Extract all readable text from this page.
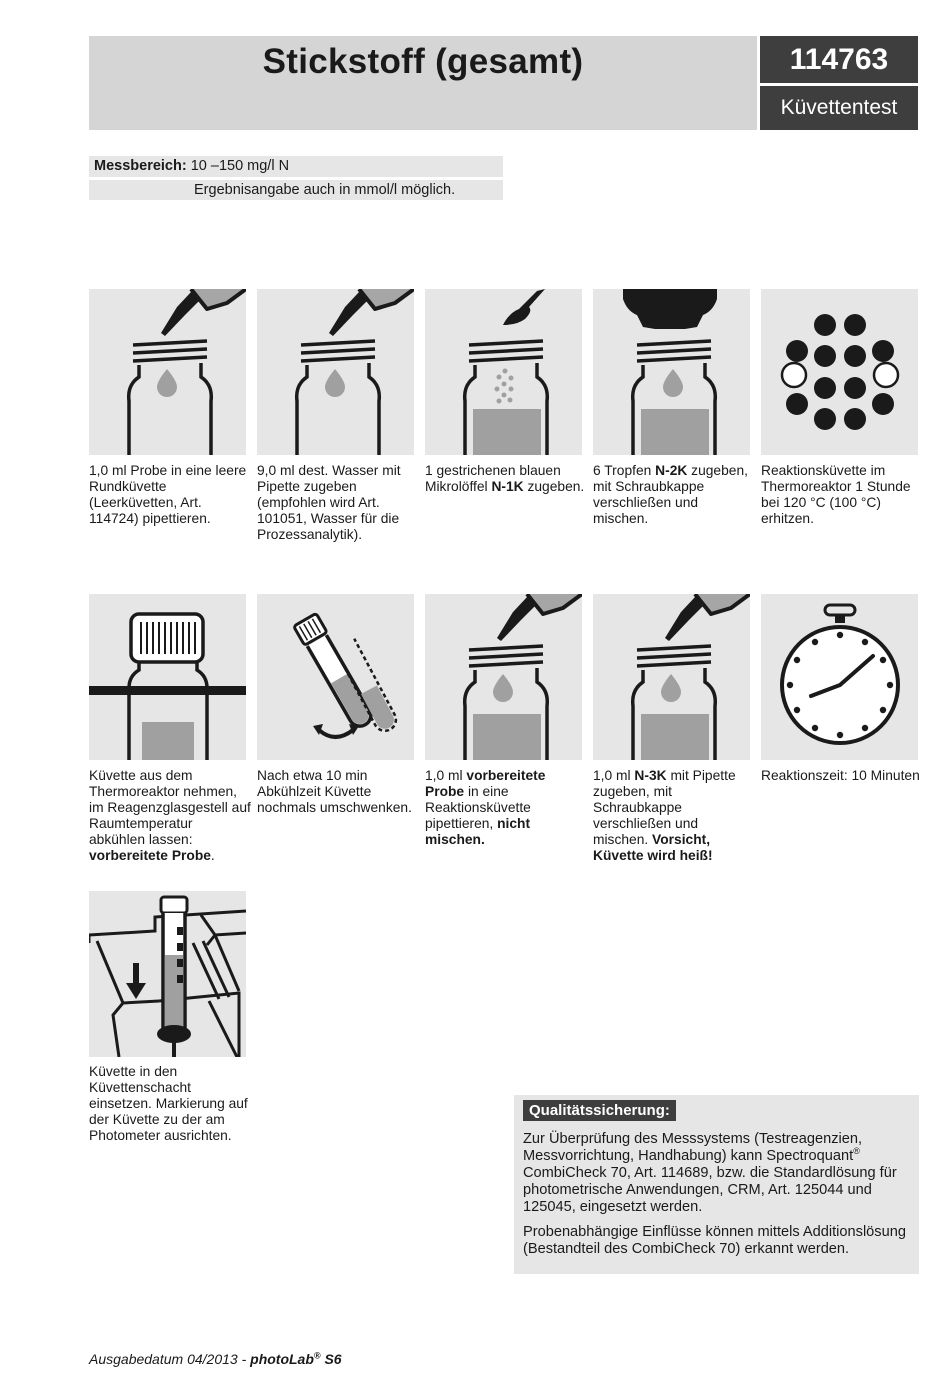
Stickstoff (gesamt)	114763
Küvettentest
Messbereich: 10 –150 mg/l N
Ergebnisangabe auch in mmol/l möglich.
1,0 ml Probe in eine leere Rundküvette (Leerküvetten, Art. 114724) pipettieren.
9,0 ml dest. Wasser mit Pipette zugeben (empfohlen wird Art. 101051, Wasser für die Prozessanalytik).
1 gestrichenen blauen Mikrolöffel N-1K zugeben.
6 Tropfen N-2K zugeben, mit Schraubkappe verschließen und mischen.
Reaktionsküvette im Thermoreaktor 1 Stunde bei 120 °C (100 °C) erhitzen.
Küvette aus dem Thermoreaktor nehmen, im Reagenzglasgestell auf Raumtemperatur abkühlen lassen:
vorbereitete Probe.
Nach etwa 10 min Abkühlzeit Küvette nochmals umschwenken.
1,0 ml vorbereitete Probe in eine Reaktionsküvette pipettieren, nicht mischen.
1,0 ml N-3K mit Pipette zugeben, mit Schraubkappe verschließen und mischen. Vorsicht, Küvette wird heiß!
Reaktionszeit: 10 Minuten
Küvette in den Küvettenschacht einsetzen. Markierung auf der Küvette zu der am Photometer ausrichten.
Qualitätssicherung:
Zur Überprüfung des Messsystems (Testreagenzien, Messvorrichtung, Handhabung) kann Spectroquant® CombiCheck 70, Art. 114689, bzw. die Standardlösung für photometrische Anwendungen, CRM, Art. 125044 und 125045, eingesetzt werden.
Probenabhängige Einflüsse können mittels Additionslösung (Bestandteil des CombiCheck 70) erkannt werden.
Ausgabedatum 04/2013 - photoLab® S6
